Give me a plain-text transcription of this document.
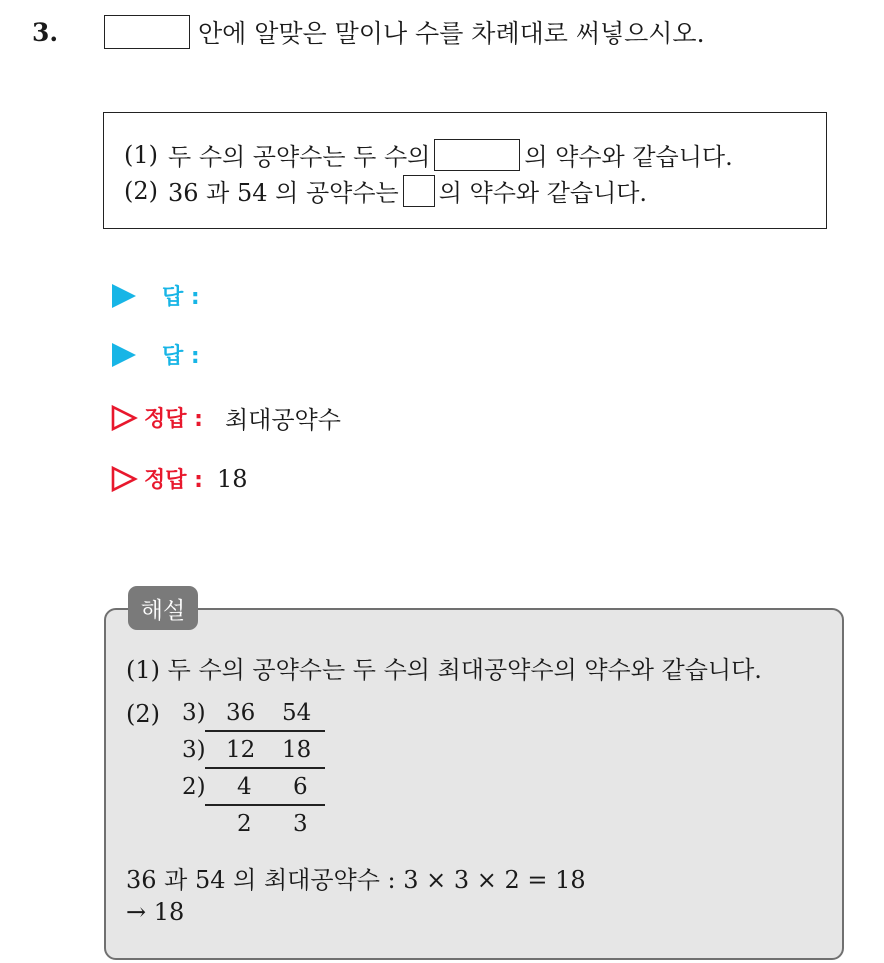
3.	안에 알맞은 말이나 수를 차례대로 써넣으시오.
(1) 두 수의 공약수는 두 수의	의 약수와 같습니다.
(2) 36 과 54 의 공약수는 의 약수와 같습니다.
답 :
답 :
정답 : 최대공약수
정답 : 18
해설
(1) 두 수의 공약수는 두 수의 최대공약수의 약수와 같습니다.
(2) 3) 36 54
3) 12 18
2) 4 6
2 3
36 과 54 의 최대공약수 : 3 × 3 × 2 = 18
→ 18
